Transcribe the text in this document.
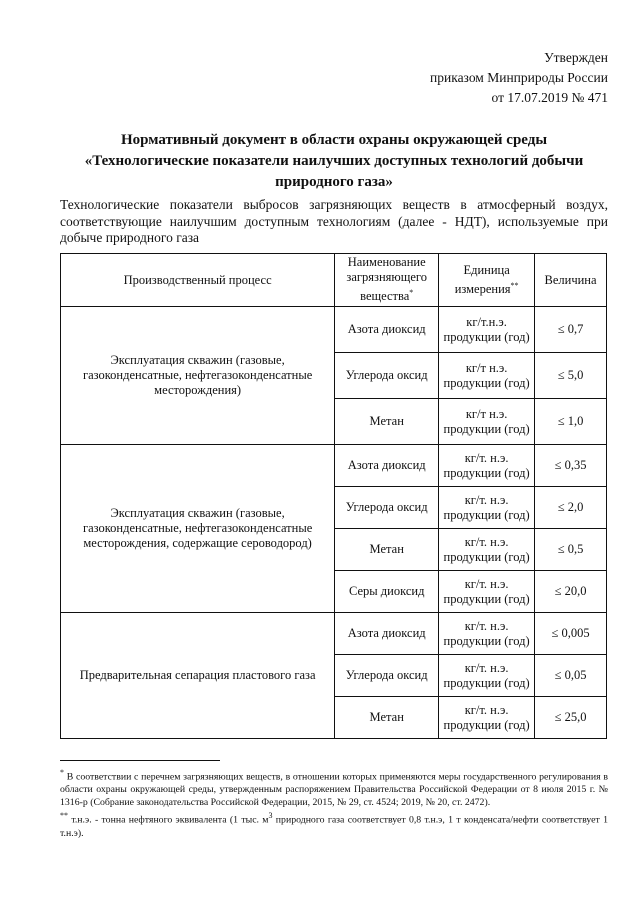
Утвержден
приказом Минприроды России
от 17.07.2019 № 471
Нормативный документ в области охраны окружающей среды
«Технологические показатели наилучших доступных технологий добычи
природного газа»
Технологические показатели выбросов загрязняющих веществ в атмосферный воздух, соответствующие наилучшим доступным технологиям (далее - НДТ), используемые при добыче природного газа
Производственный процесс	Наименование загрязняющего вещества*	Единица измерения**	Величина
Эксплуатация скважин (газовые, газоконденсатные, нефтегазоконденсатные месторождения)	Азота диоксид	кг/т.н.э. продукции (год)	≤ 0,7
	Углерода оксид	кг/т н.э. продукции (год)	≤ 5,0
	Метан	кг/т н.э. продукции (год)	≤ 1,0
Эксплуатация скважин (газовые, газоконденсатные, нефтегазоконденсатные месторождения, содержащие сероводород)	Азота диоксид	кг/т. н.э. продукции (год)	≤ 0,35
	Углерода оксид	кг/т. н.э. продукции (год)	≤ 2,0
	Метан	кг/т. н.э. продукции (год)	≤ 0,5
	Серы диоксид	кг/т. н.э. продукции (год)	≤ 20,0
Предварительная сепарация пластового газа	Азота диоксид	кг/т. н.э. продукции (год)	≤ 0,005
	Углерода оксид	кг/т. н.э. продукции (год)	≤ 0,05
	Метан	кг/т. н.э. продукции (год)	≤ 25,0

* В соответствии с перечнем загрязняющих веществ, в отношении которых применяются меры государственного регулирования в области охраны окружающей среды, утвержденным распоряжением Правительства Российской Федерации от 8 июля 2015 г. № 1316-р (Собрание законодательства Российской Федерации, 2015, № 29, ст. 4524; 2019, № 20, ст. 2472).

** т.н.э. - тонна нефтяного эквивалента (1 тыс. $м^3$ природного газа соответствует 0,8 т.н.э, 1 т конденсата/нефти соответствует 1 т.н.э).
